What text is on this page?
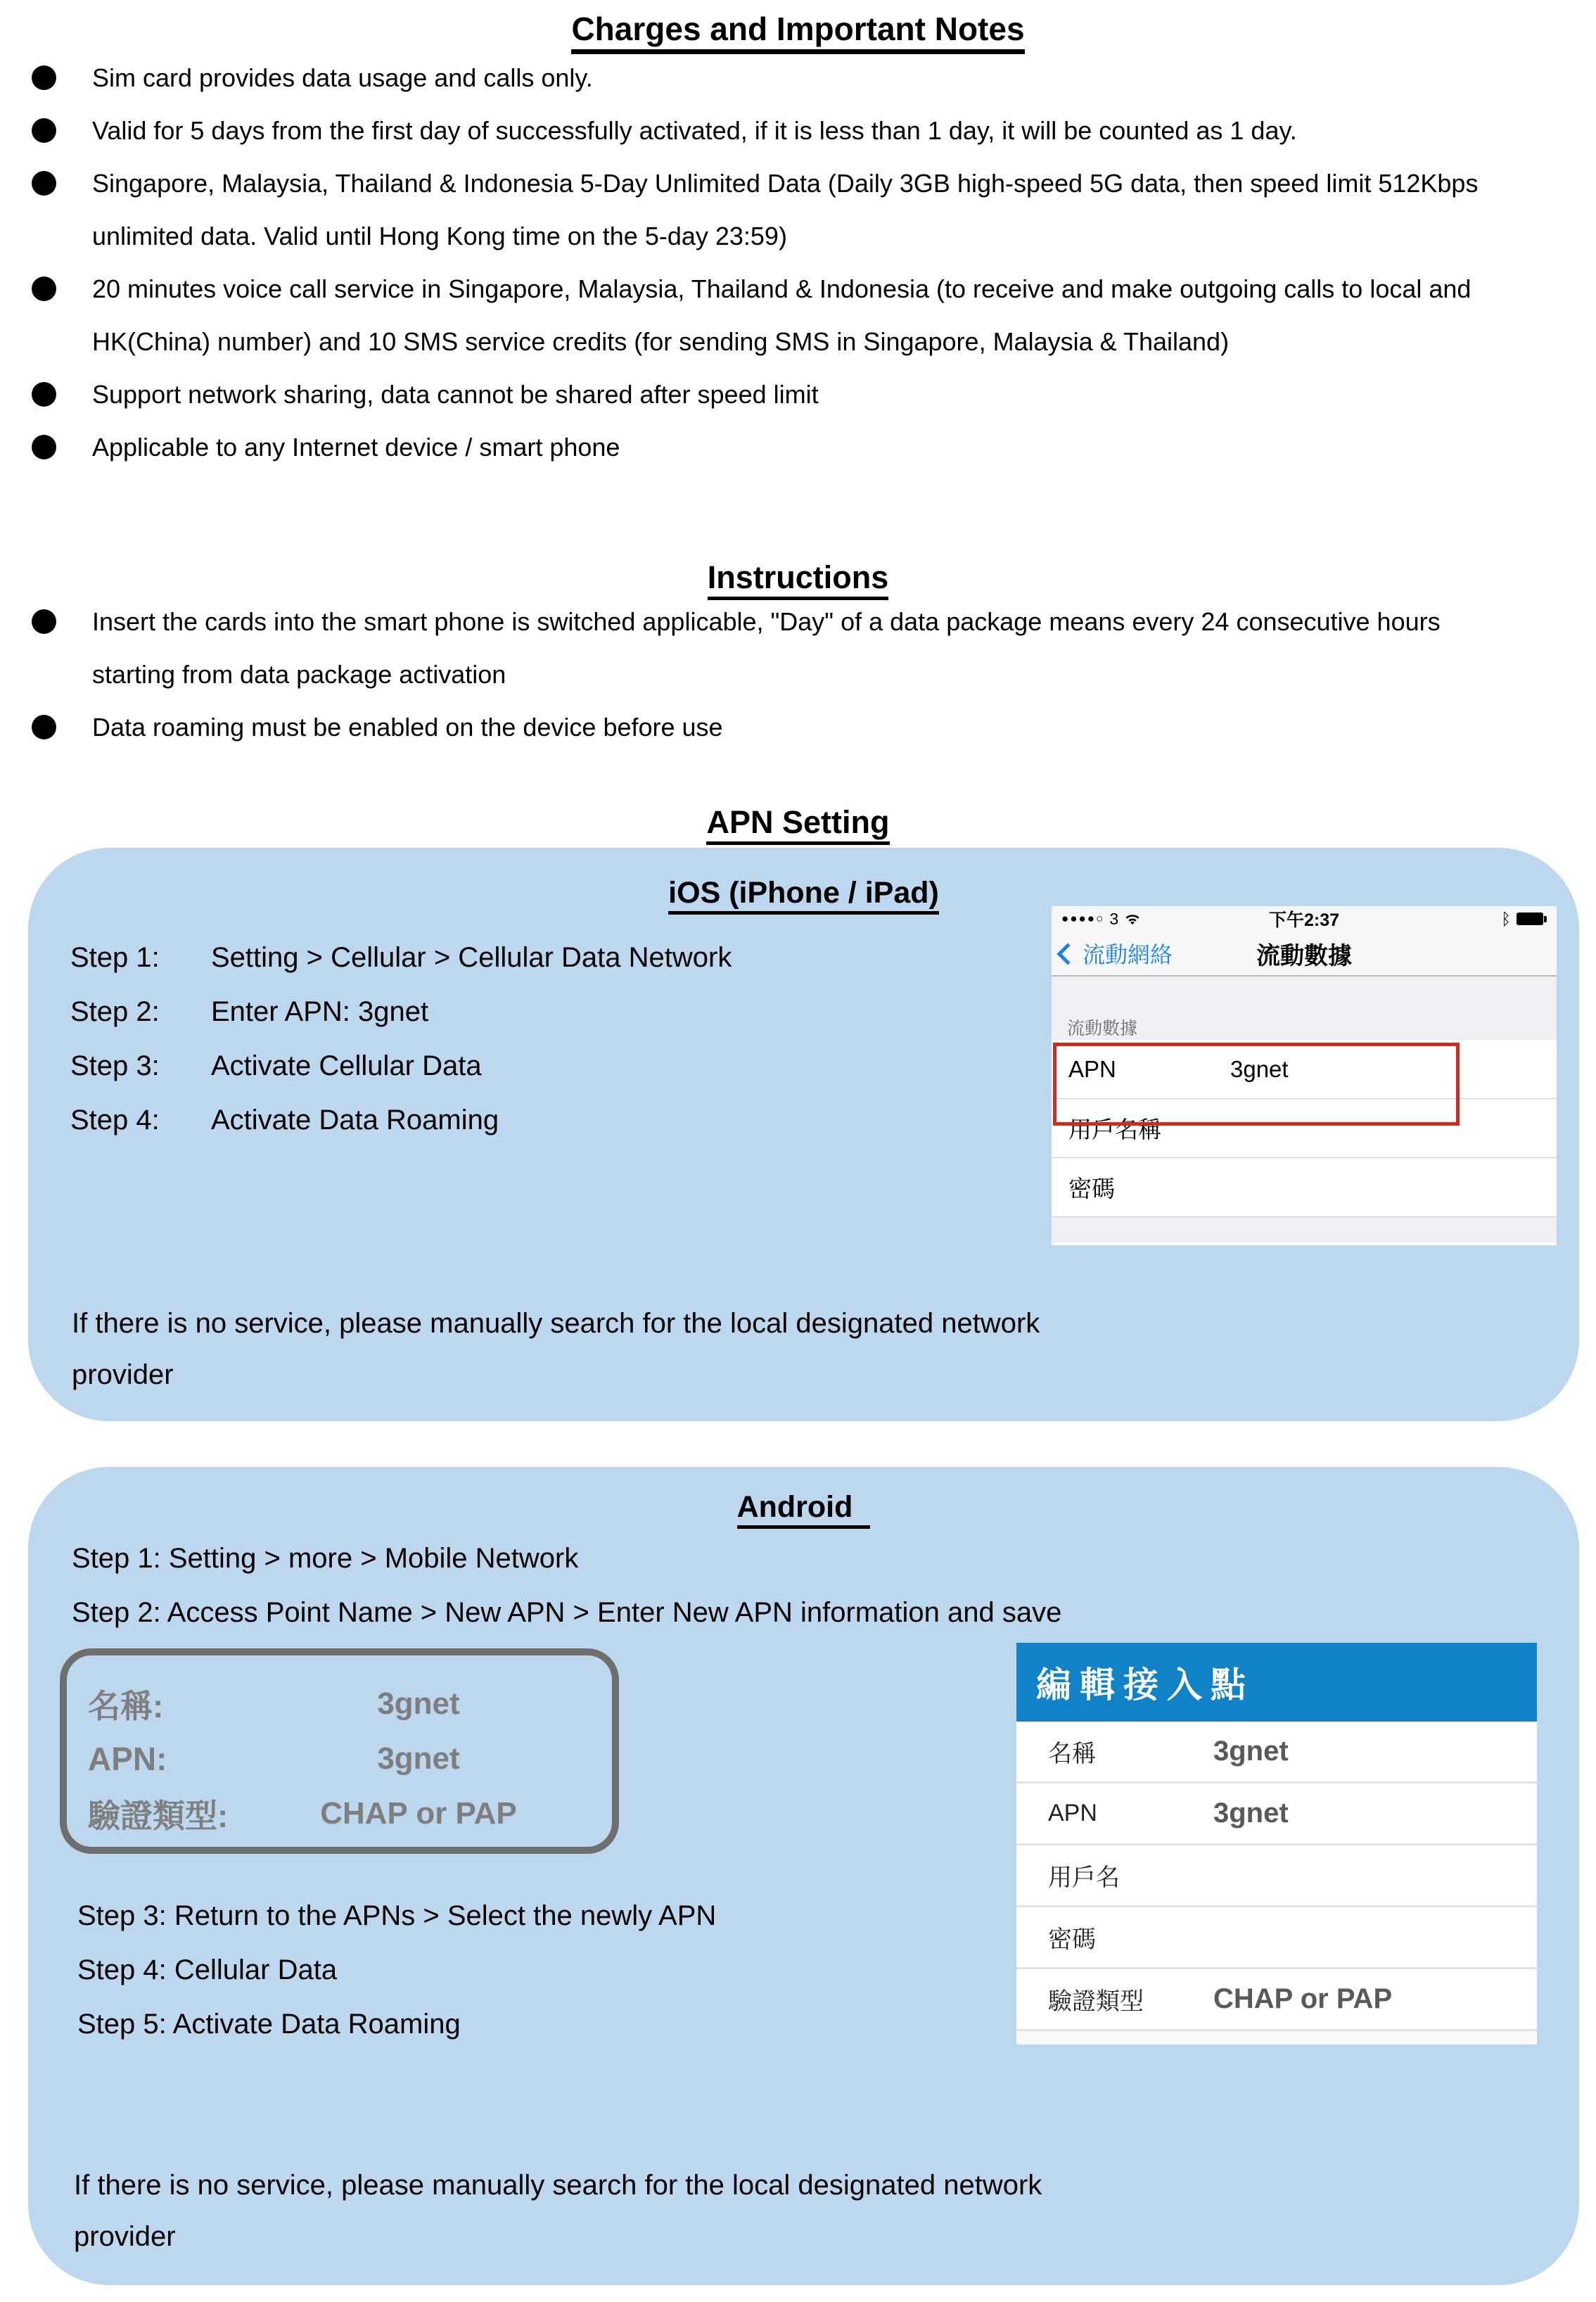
Charges and Important Notes
Sim card provides data usage and calls only.
Valid for 5 days from the first day of successfully activated, if it is less than 1 day, it will be counted as 1 day.
Singapore, Malaysia, Thailand & Indonesia 5-Day Unlimited Data (Daily 3GB high-speed 5G data, then speed limit 512Kbps unlimited data. Valid until Hong Kong time on the 5-day 23:59)
20 minutes voice call service in Singapore, Malaysia, Thailand & Indonesia (to receive and make outgoing calls to local and HK(China) number) and 10 SMS service credits (for sending SMS in Singapore, Malaysia & Thailand)
Support network sharing, data cannot be shared after speed limit
Applicable to any Internet device / smart phone
Instructions
Insert the cards into the smart phone is switched applicable, "Day" of a data package means every 24 consecutive hours starting from data package activation
Data roaming must be enabled on the device before use
APN Setting
iOS (iPhone / iPad)
Step 1:	Setting > Cellular > Cellular Data Network
Step 2:	Enter APN: 3gnet
Step 3:	Activate Cellular Data
Step 4:	Activate Data Roaming
下午2:37
●●●●○ 3	ᛒ
流動網絡	流動數據
流動數據
APN	3gnet
用戶名稱
密碼
If there is no service, please manually search for the local designated network provider
Android
Step 1: Setting > more > Mobile Network
Step 2: Access Point Name > New APN > Enter New APN information and save
名稱:	3gnet
APN:	3gnet
驗證類型:	CHAP or PAP
編輯接入點
名稱	3gnet
APN	3gnet
用戶名
密碼
驗證類型	CHAP or PAP
Step 3: Return to the APNs > Select the newly APN
Step 4: Cellular Data
Step 5: Activate Data Roaming
If there is no service, please manually search for the local designated network provider
